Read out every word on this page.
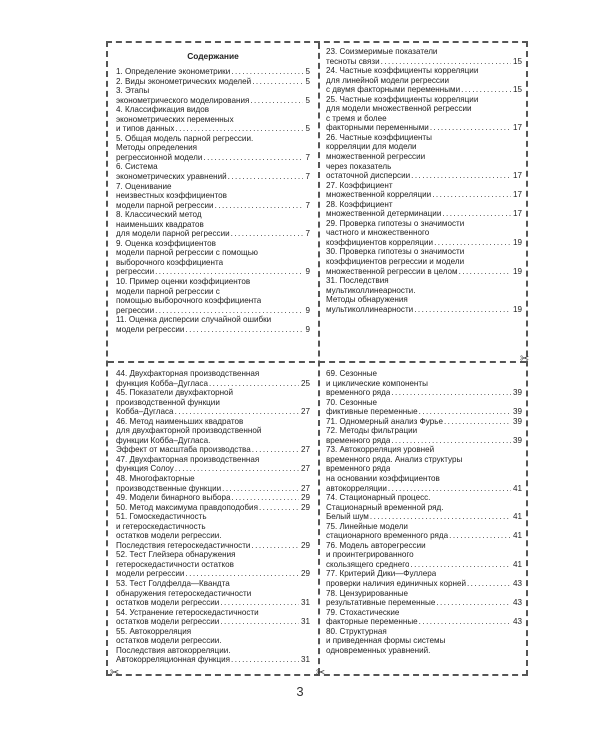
Содержание
1. Определение эконометрики . . .	5
2. Виды эконометрических моделей . . .	5
3. Этапы
эконометрического моделирования . . .	5
4. Классификация видов
эконометрических переменных
и типов данных . . .	5
5. Общая модель парной регрессии.
Методы определения
регрессионной модели . . .	7
6. Система
эконометрических уравнений . . .	7
7. Оценивание
неизвестных коэффициентов
модели парной регрессии . . .	7
8. Классический метод
наименьших квадратов
для модели парной регрессии . . .	7
9. Оценка коэффициентов
модели парной регрессии с помощью
выборочного коэффициента
регрессии . . .	9
10. Пример оценки коэффициентов
модели парной регрессии с
помощью выборочного коэффициента
регрессии . . .	9
11. Оценка дисперсии случайной ошибки
модели регрессии . . .	9
23. Соизмеримые показатели
тесноты связи . . .	15
24. Частные коэффициенты корреляции
для линейной модели регрессии
с двумя факторными переменными . . .	15
25. Частные коэффициенты корреляции
для модели множественной регрессии
с тремя и более
факторными переменными . . .	17
26. Частные коэффициенты
корреляции для модели
множественной регрессии
через показатель
остаточной дисперсии . . .	17
27. Коэффициент
множественной корреляции . . .	17
28. Коэффициент
множественной детерминации . . .	17
29. Проверка гипотезы о значимости
частного и множественного
коэффициентов корреляции . . .	19
30. Проверка гипотезы о значимости
коэффициентов регрессии и модели
множественной регрессии в целом . . .	19
31. Последствия
мультиколлинеарности.
Методы обнаружения
мультиколлинеарности . . .	19
44. Двухфакторная производственная
функция Кобба–Дугласа . . .	25
45. Показатели двухфакторной
производственной функции
Кобба–Дугласа . . .	27
46. Метод наименьших квадратов
для двухфакторной производственной
функции Кобба–Дугласа.
Эффект от масштаба производства . . .	27
47. Двухфакторная производственная
функция Солоу . . .	27
48. Многофакторные
производственные функции . . .	27
49. Модели бинарного выбора . . .	29
50. Метод максимума правдоподобия . . .	29
51. Гомоскедастичность
и гетероскедастичность
остатков модели регрессии.
Последствия гетероскедастичности . . .	29
52. Тест Глейзера обнаружения
гетероскедастичности остатков
модели регрессии . . .	29
53. Тест Голдфелда—Квандта
обнаружения гетероскедастичности
остатков модели регрессии . . .	31
54. Устранение гетероскедастичности
остатков модели регрессии . . .	31
55. Автокорреляция
остатков модели регрессии.
Последствия автокорреляции.
Автокорреляционная функция . . .	31
69. Сезонные
и циклические компоненты
временного ряда . . .	39
70. Сезонные
фиктивные переменные . . .	39
71. Одномерный анализ Фурье . . .	39
72. Методы фильтрации
временного ряда . . .	39
73. Автокорреляция уровней
временного ряда. Анализ структуры
временного ряда
на основании коэффициентов
автокорреляции . . .	41
74. Стационарный процесс.
Стационарный временной ряд.
Белый шум . . .	41
75. Линейные модели
стационарного временного ряда . . .	41
76. Модель авторегрессии
и проинтегрированного
скользящего среднего . . .	41
77. Критерий Дики—Фуллера
проверки наличия единичных корней . . .	43
78. Цензурированные
результативные переменные . . .	43
79. Стохастические
факторные переменные . . .	43
80. Структурная
и приведенная формы системы
одновременных уравнений.
✂
✂	✂
3
